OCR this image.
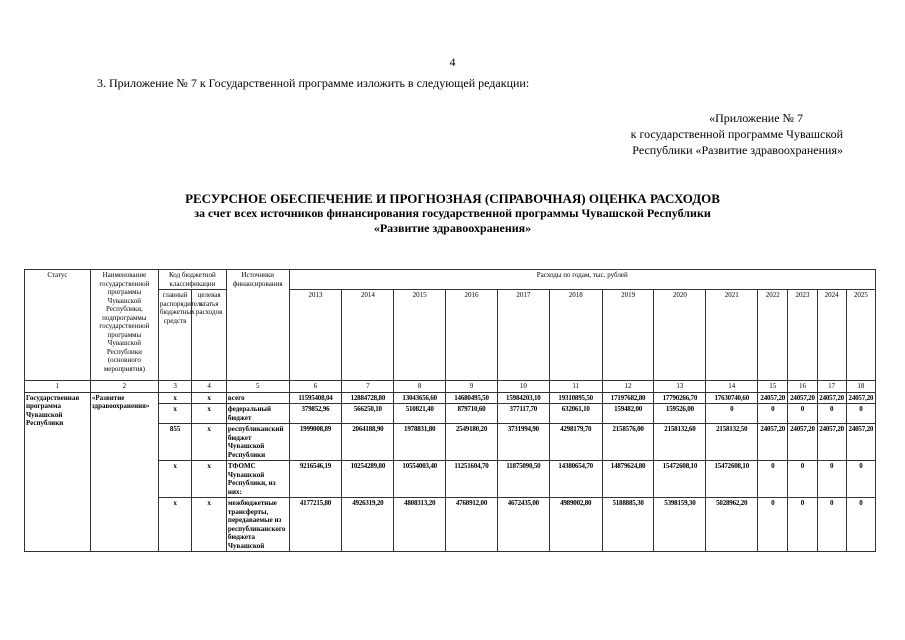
4
3. Приложение № 7 к Государственной программе изложить в следующей редакции:
«Приложение № 7
к государственной программе Чувашской
Республики «Развитие здравоохранения»
РЕСУРСНОЕ ОБЕСПЕЧЕНИЕ И ПРОГНОЗНАЯ (СПРАВОЧНАЯ) ОЦЕНКА РАСХОДОВ
за счет всех источников финансирования государственной программы Чувашской Республики
«Развитие здравоохранения»
Статус	Наименование государственной программы Чувашской Республики, подпрограммы государственной программы Чувашской Республики (основного мероприятия)	Код бюджетной классификации		Источники финансирования	Расходы по годам, тыс. рублей												
		главный распорядитель бюджетных средств	целевая статья расходов		2013	2014	2015	2016	2017	2018	2019	2020	2021	2022	2023	2024	2025
1	2	3	4	5	6	7	8	9	10	11	12	13	14	15	16	17	18
Государственная программа Чувашской Республики	«Развитие здравоохранения»	x	x	всего	11595408,04	12884728,80	13043656,60	14680495,50	15984203,10	19310895,50	17197682,80	17790266,70	17630740,60	24057,20	24057,20	24057,20	24057,20
		x	x	федеральный бюджет	379852,96	566250,10	510821,40	879710,60	377117,70	632061,10	159482,00	159526,00	0	0	0	0	0
		855	x	республиканский бюджет Чувашской Республики	1999008,89	2064188,90	1978831,80	2549180,20	3731994,90	4298179,70	2158576,00	2158132,60	2158132,50	24057,20	24057,20	24057,20	24057,20
		x	x	ТФОМС Чувашской Республики, из них:	9216546,19	10254289,80	10554003,40	11251604,70	11875090,50	14380654,70	14879624,80	15472608,10	15472608,10	0	0	0	0
		x	x	межбюджетные трансферты, передаваемые из республиканского бюджета Чувашской	4177215,80	4926319,20	4808313,20	4768912,00	4672435,00	4989002,80	5188885,30	5398159,30	5028962,20	0	0	0	0
